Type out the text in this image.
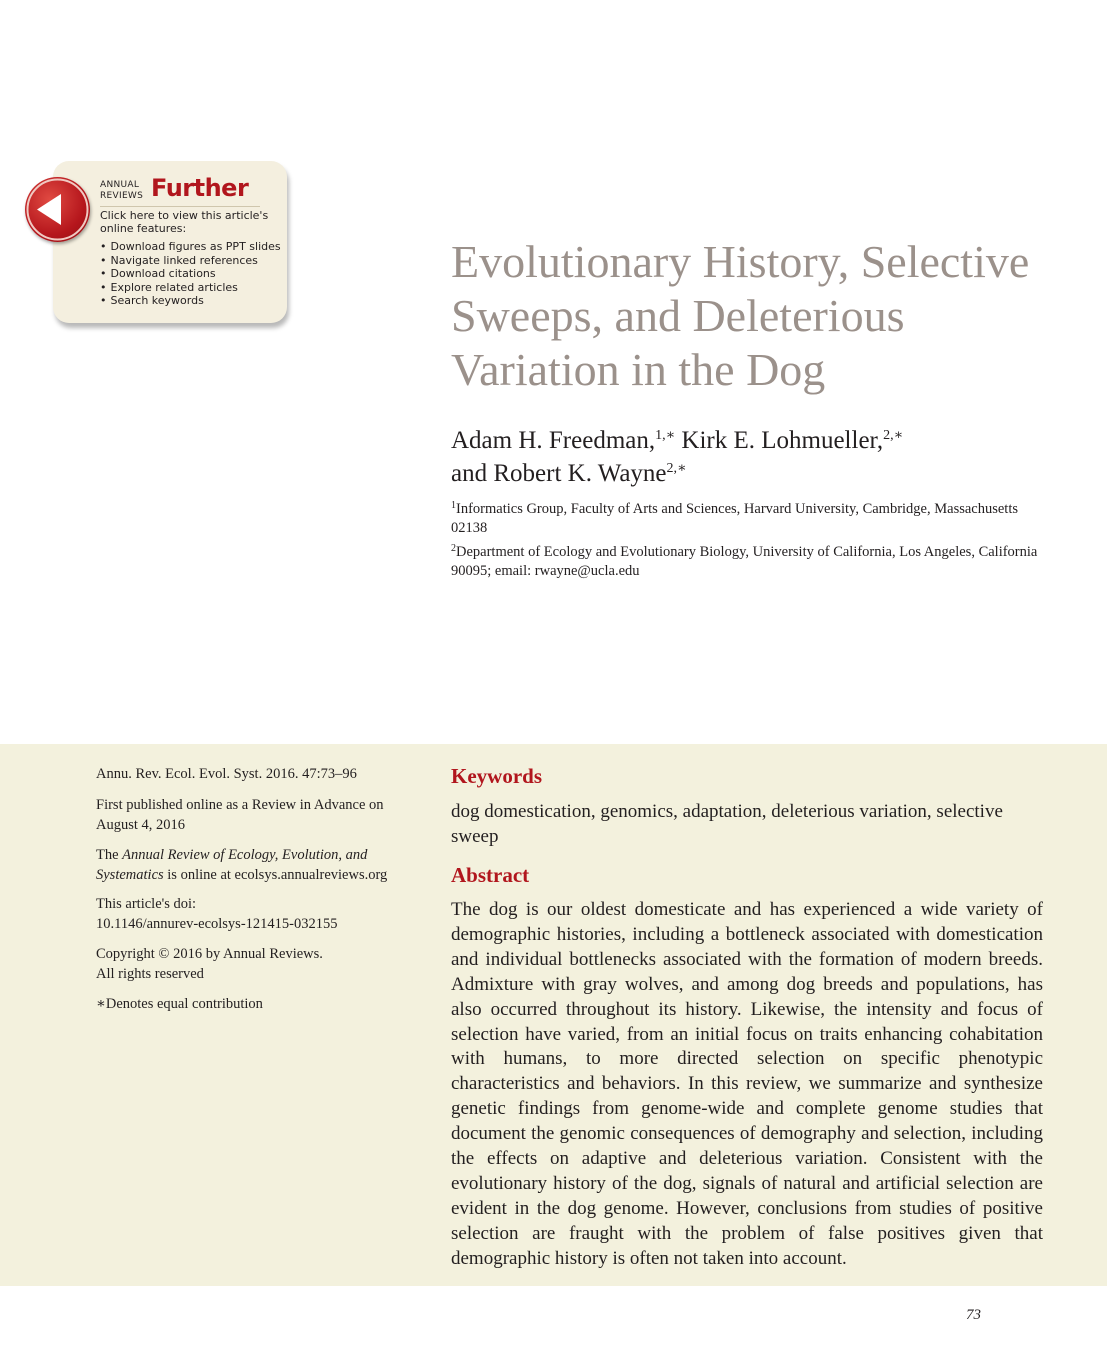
ANNUAL
REVIEWS Further
Click here to view this article's online features:
• Download figures as PPT slides
• Navigate linked references
• Download citations
• Explore related articles
• Search keywords
Evolutionary History, Selective Sweeps, and Deleterious Variation in the Dog

Adam H. Freedman,$^{1,∗}$ Kirk E. Lohmueller,$^{2,∗}$
and Robert K. Wayne$^{2,∗}$

$^1$Informatics Group, Faculty of Arts and Sciences, Harvard University, Cambridge, Massachusetts 02138

$^2$Department of Ecology and Evolutionary Biology, University of California, Los Angeles, California 90095; email: rwayne@ucla.edu

Annu. Rev. Ecol. Evol. Syst. 2016. 47:73–96

First published online as a Review in Advance on August 4, 2016

The Annual Review of Ecology, Evolution, and Systematics is online at ecolsys.annualreviews.org

This article's doi:
10.1146/annurev-ecolsys-121415-032155

Copyright © 2016 by Annual Reviews.
All rights reserved

∗Denotes equal contribution

Keywords

dog domestication, genomics, adaptation, deleterious variation, selective sweep

Abstract

The dog is our oldest domesticate and has experienced a wide variety of demographic histories, including a bottleneck associated with domestication and individual bottlenecks associated with the formation of modern breeds. Admixture with gray wolves, and among dog breeds and populations, has also occurred throughout its history. Likewise, the intensity and focus of selection have varied, from an initial focus on traits enhancing cohabitation with humans, to more directed selection on specific phenotypic characteristics and behaviors. In this review, we summarize and synthesize genetic findings from genome-wide and complete genome studies that document the genomic consequences of demography and selection, including the effects on adaptive and deleterious variation. Consistent with the evolutionary history of the dog, signals of natural and artificial selection are evident in the dog genome. However, conclusions from studies of positive selection are fraught with the problem of false positives given that demographic history is often not taken into account.

73
